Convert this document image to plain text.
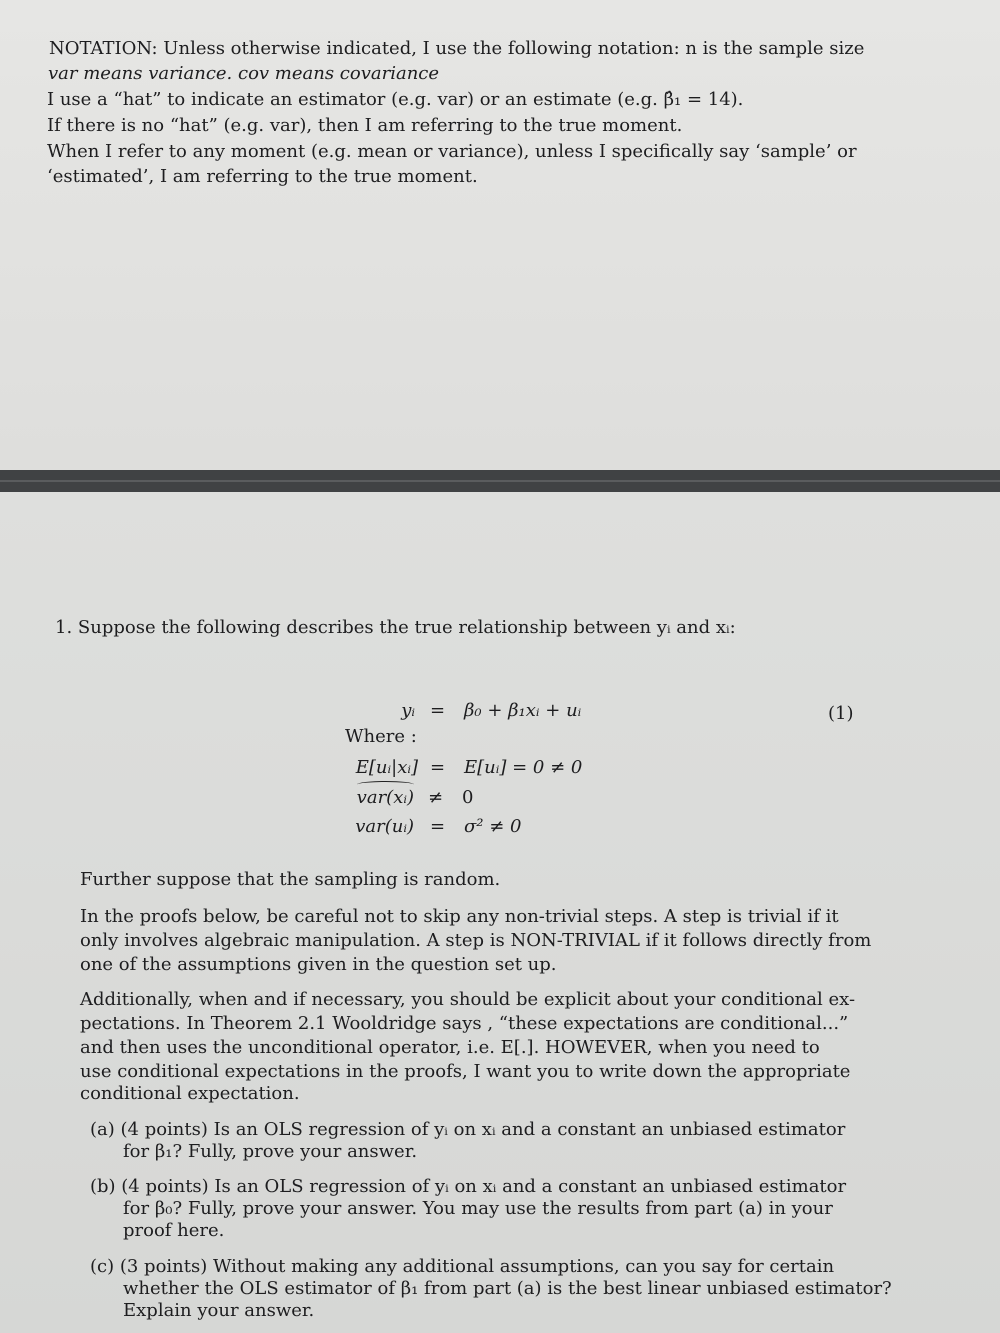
NOTATION: Unless otherwise indicated, I use the following notation: n is the sample size
var means variance. cov means covariance
I use a “hat” to indicate an estimator (e.g. var) or an estimate (e.g. β̂₁ = 14).
If there is no “hat” (e.g. var), then I am referring to the true moment.
When I refer to any moment (e.g. mean or variance), unless I specifically say ‘sample’ or
‘estimated’, I am referring to the true moment.
1. Suppose the following describes the true relationship between yᵢ and xᵢ:
yᵢ = β₀ + β₁xᵢ + uᵢ	(1)
Where :
E[uᵢ|xᵢ] = E[uᵢ] = 0 ≠ 0
var(xᵢ) ≠ 0
var(uᵢ) = σ² ≠ 0
Further suppose that the sampling is random.
In the proofs below, be careful not to skip any non-trivial steps. A step is trivial if it
only involves algebraic manipulation. A step is NON-TRIVIAL if it follows directly from
one of the assumptions given in the question set up.
Additionally, when and if necessary, you should be explicit about your conditional ex-
pectations. In Theorem 2.1 Wooldridge says , “these expectations are conditional...”
and then uses the unconditional operator, i.e. E[.]. HOWEVER, when you need to
use conditional expectations in the proofs, I want you to write down the appropriate
conditional expectation.
(a) (4 points) Is an OLS regression of yᵢ on xᵢ and a constant an unbiased estimator
for β₁? Fully, prove your answer.
(b) (4 points) Is an OLS regression of yᵢ on xᵢ and a constant an unbiased estimator
for β₀? Fully, prove your answer. You may use the results from part (a) in your
proof here.
(c) (3 points) Without making any additional assumptions, can you say for certain
whether the OLS estimator of β₁ from part (a) is the best linear unbiased estimator?
Explain your answer.
